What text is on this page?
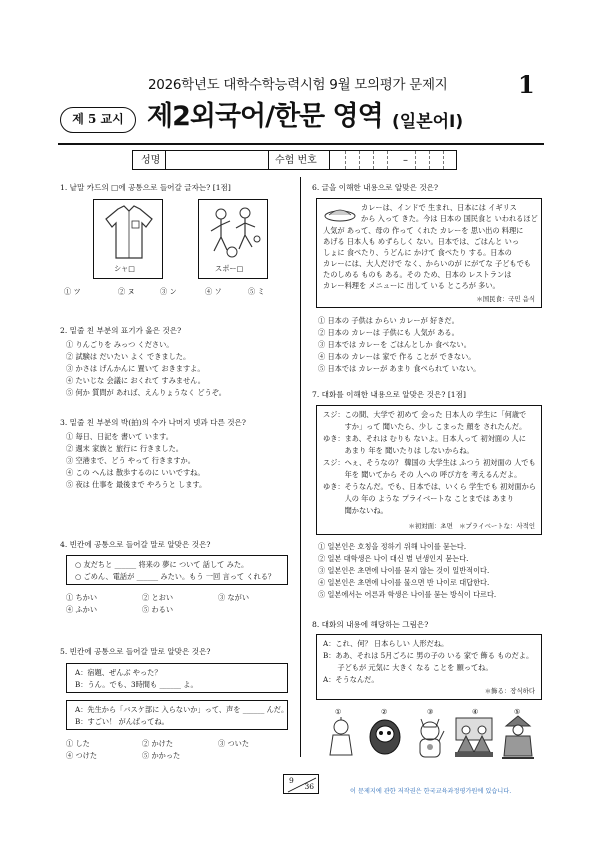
2026학년도 대학수학능력시험 9월 모의평가 문제지	1
제 5 교시 제2외국어/한문 영역 (일본어Ⅰ)
성명	수험 번호	–
1. 낱말 카드의 □에 공통으로 들어갈 글자는? [1점]
シャ□	スポー□
① ツ	② ヌ	③ ン	④ ソ	⑤ ミ
2. 밑줄 친 부분의 표기가 옳은 것은?
① りんごりを みっつ ください。
② 試験は だいたい よく できました。
③ かさは げんかんに 置いて おきますよ。
④ たいじな 会議に おくれて すみません。
⑤ 何か 質問が あれば、えんりょうなく どうぞ。
3. 밑줄 친 부분의 박(拍)의 수가 나머지 넷과 다른 것은?
① 毎日、日記を 書いて います。
② 週末 家族と 旅行に 行きました。
③ 空港まで、どう やって 行きますか。
④ この へんは 散歩するのに いいですね。
⑤ 夜は 仕事を 最後まで やろうと します。
4. 빈칸에 공통으로 들어갈 말로 알맞은 것은?
○ 友だちと ______ 将来の 夢に ついて 話して みた。
○ ごめん、電話が ______ みたい。もう 一回 言って くれる？
① ちかい	② とおい	③ ながい
④ ふかい	⑤ わるい
5. 빈칸에 공통으로 들어갈 말로 알맞은 것은?
A：宿題、ぜんぶ やった？
B：うん。でも、3時間も ______ よ。
A：先生から「バスケ部に 入らないか」って、声を ______ んだ。
B：すごい！ がんばってね。
① した	② かけた	③ ついた
④ つけた	⑤ かかった
6. 글을 이해한 내용으로 알맞은 것은?
カレーは、インドで 生まれ、日本には イギリス
から 入って きた。今は 日本の 国民食と いわれるほど
人気が あって、母の 作って くれた カレーを 思い出の 料理に
あげる 日本人も めずらしく ない。日本では、ごはんと いっ
しょに 食べたり、うどんに かけて 食べたり する。日本の
カレーには、大人だけで なく、からいのが にがてな 子どもでも
たのしめる ものも ある。その ため、日本の レストランは
カレー料理を メニューに 出して いる ところが 多い。
＊国民食：국민 음식
① 日本の 子供は からい カレーが 好きだ。
② 日本の カレーは 子供にも 人気が ある。
③ 日本では カレーを ごはんとしか 食べない。
④ 日本の カレーは 家で 作る ことが できない。
⑤ 日本では カレーが あまり 食べられて いない。
7. 대화를 이해한 내용으로 알맞은 것은? [1점]
スジ：この間、大学で 初めて 会った 日本人の 学生に「何歳で
　　　すか」って 聞いたら、少し こまった 顔を されたんだ。
ゆき：まあ、それは むりも ないよ。日本人って 初対面の 人に
　　　あまり 年を 聞いたりは しないからね。
スジ：へぇ、そうなの？ 韓国の 大学生は ふつう 初対面の 人でも
　　　年を 聞いてから その 人への 呼び方を 考えるんだよ。
ゆき：そうなんだ。でも、日本では、いくら 学生でも 初対面から
　　　人の 年の ような プライベートな ことまでは あまり
　　　聞かないね。
＊初対面：초면　＊プライベートな：사적인
① 일본인은 호칭을 정하기 위해 나이를 묻는다.
② 일본 대학생은 나이 대신 별 년생인지 묻는다.
③ 일본인은 초면에 나이를 묻지 않는 것이 일반적이다.
④ 일본인은 초면에 나이를 물으면 반 나이로 대답한다.
⑤ 일본에서는 어른과 학생은 나이를 묻는 방식이 다르다.
8. 대화의 내용에 해당하는 그림은?
A：これ、何？ 日本らしい 人形だね。
B：ああ、それは 5月ごろに 男の子の いる 家で 飾る ものだよ。
　　子どもが 元気に 大きく なる ことを 願ってね。
A：そうなんだ。
＊飾る：장식하다
①	②	③	④	⑤
9
36
이 문제지에 관한 저작권은 한국교육과정평가원에 있습니다.
